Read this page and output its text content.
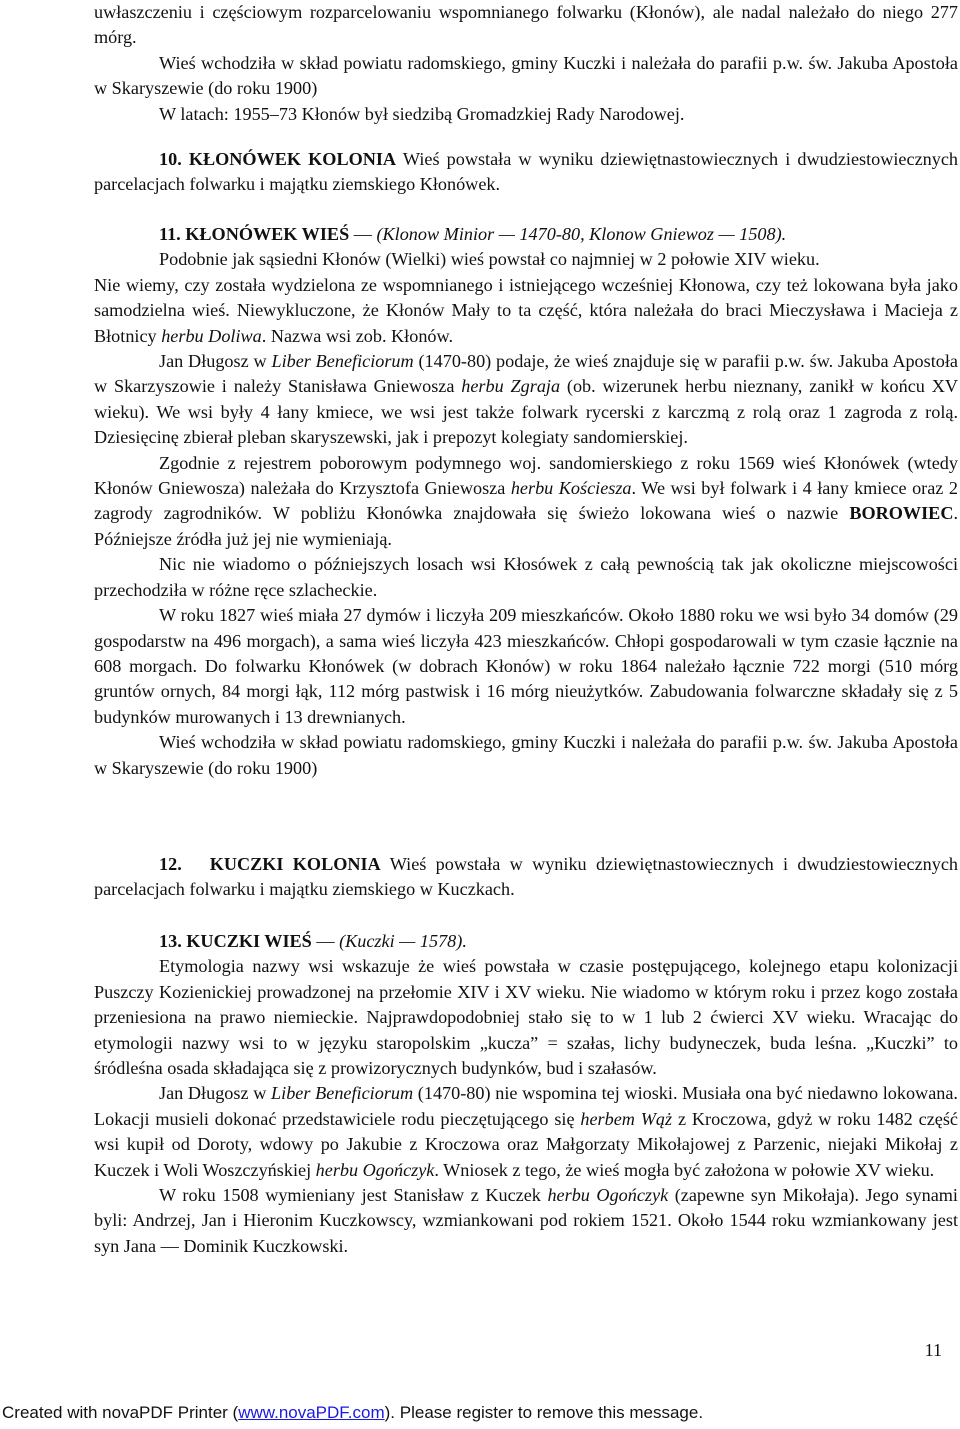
uwłaszczeniu i częściowym rozparcelowaniu wspomnianego folwarku (Kłonów), ale nadal należało do niego 277 mórg.

Wieś wchodziła w skład powiatu radomskiego, gminy Kuczki i należała do parafii p.w. św. Jakuba Apostoła w Skaryszewie (do roku 1900)

W latach: 1955–73 Kłonów był siedzibą Gromadzkiej Rady Narodowej.

10. KŁONÓWEK KOLONIA Wieś powstała w wyniku dziewiętnastowiecznych i dwudziestowiecznych parcelacjach folwarku i majątku ziemskiego Kłonówek.

11. KŁONÓWEK WIEŚ — (Klonow Minior — 1470-80, Klonow Gniewoz — 1508).

Podobnie jak sąsiedni Kłonów (Wielki) wieś powstał co najmniej w 2 połowie XIV wieku.

Nie wiemy, czy została wydzielona ze wspomnianego i istniejącego wcześniej Kłonowa, czy też lokowana była jako samodzielna wieś. Niewykluczone, że Kłonów Mały to ta część, która należała do braci Mieczysława i Macieja z Błotnicy herbu Doliwa. Nazwa wsi zob. Kłonów.

Jan Długosz w Liber Beneficiorum (1470-80) podaje, że wieś znajduje się w parafii p.w. św. Jakuba Apostoła w Skarzyszowie i należy Stanisława Gniewosza herbu Zgraja (ob. wizerunek herbu nieznany, zanikł w końcu XV wieku). We wsi były 4 łany kmiece, we wsi jest także folwark rycerski z karczmą z rolą oraz 1 zagroda z rolą. Dziesięcinę zbierał pleban skaryszewski, jak i prepozyt kolegiaty sandomierskiej.

Zgodnie z rejestrem poborowym podymnego woj. sandomierskiego z roku 1569 wieś Kłonówek (wtedy Kłonów Gniewosza) należała do Krzysztofa Gniewosza herbu Kościesza. We wsi był folwark i 4 łany kmiece oraz 2 zagrody zagrodników. W pobliżu Kłonówka znajdowała się świeżo lokowana wieś o nazwie BOROWIEC. Późniejsze źródła już jej nie wymieniają.

Nic nie wiadomo o późniejszych losach wsi Kłosówek z całą pewnością tak jak okoliczne miejscowości przechodziła w różne ręce szlacheckie.

W roku 1827 wieś miała 27 dymów i liczyła 209 mieszkańców. Około 1880 roku we wsi było 34 domów (29 gospodarstw na 496 morgach), a sama wieś liczyła 423 mieszkańców. Chłopi gospodarowali w tym czasie łącznie na 608 morgach. Do folwarku Kłonówek (w dobrach Kłonów) w roku 1864 należało łącznie 722 morgi (510 mórg gruntów ornych, 84 morgi łąk, 112 mórg pastwisk i 16 mórg nieużytków. Zabudowania folwarczne składały się z 5 budynków murowanych i 13 drewnianych.

Wieś wchodziła w skład powiatu radomskiego, gminy Kuczki i należała do parafii p.w. św. Jakuba Apostoła w Skaryszewie (do roku 1900)

12. KUCZKI KOLONIA Wieś powstała w wyniku dziewiętnastowiecznych i dwudziestowiecznych parcelacjach folwarku i majątku ziemskiego w Kuczkach.

13. KUCZKI WIEŚ — (Kuczki — 1578).

Etymologia nazwy wsi wskazuje że wieś powstała w czasie postępującego, kolejnego etapu kolonizacji Puszczy Kozienickiej prowadzonej na przełomie XIV i XV wieku. Nie wiadomo w którym roku i przez kogo została przeniesiona na prawo niemieckie. Najprawdopodobniej stało się to w 1 lub 2 ćwierci XV wieku. Wracając do etymologii nazwy wsi to w języku staropolskim „kucza” = szałas, lichy budyneczek, buda leśna. „Kuczki” to śródleśna osada składająca się z prowizorycznych budynków, bud i szałasów.

Jan Długosz w Liber Beneficiorum (1470-80) nie wspomina tej wioski. Musiała ona być niedawno lokowana. Lokacji musieli dokonać przedstawiciele rodu pieczętującego się herbem Wąż z Kroczowa, gdyż w roku 1482 część wsi kupił od Doroty, wdowy po Jakubie z Kroczowa oraz Małgorzaty Mikołajowej z Parzenic, niejaki Mikołaj z Kuczek i Woli Woszczyńskiej herbu Ogończyk. Wniosek z tego, że wieś mogła być założona w połowie XV wieku.

W roku 1508 wymieniany jest Stanisław z Kuczek herbu Ogończyk (zapewne syn Mikołaja). Jego synami byli: Andrzej, Jan i Hieronim Kuczkowscy, wzmiankowani pod rokiem 1521. Około 1544 roku wzmiankowany jest syn Jana — Dominik Kuczkowski.

11
Created with novaPDF Printer (www.novaPDF.com). Please register to remove this message.
